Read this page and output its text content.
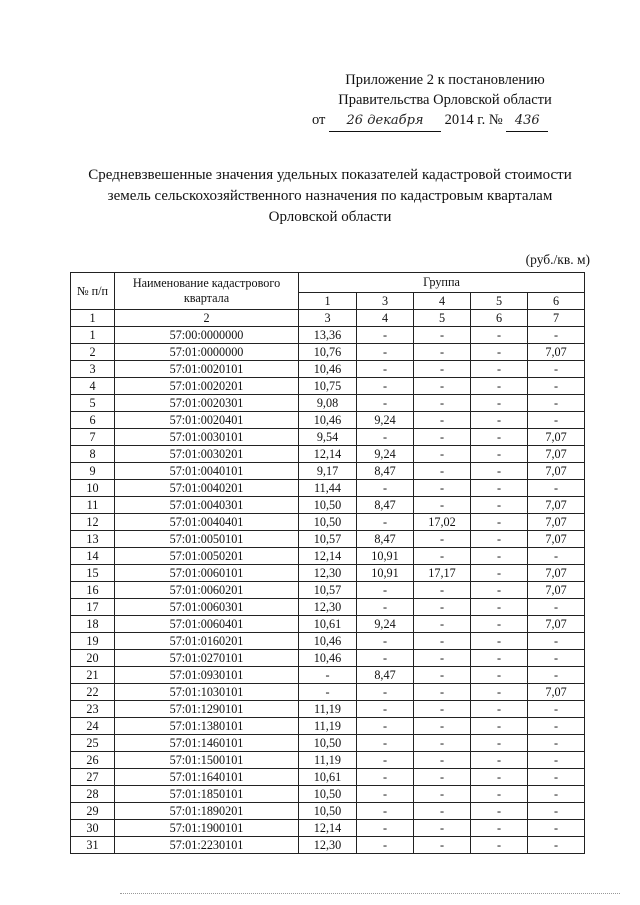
Приложение 2 к постановлению
Правительства Орловской области
от 26 декабря 2014 г. № 436
Средневзвешенные значения удельных показателей кадастровой стоимости
земель сельскохозяйственного назначения по кадастровым кварталам
Орловской области
(руб./кв. м)
№ п/п	Наименование кадастрового квартала	Группа				
		1	3	4	5	6
1	2	3	4	5	6	7
1	57:00:0000000	13,36	-	-	-	-
2	57:01:0000000	10,76	-	-	-	7,07
3	57:01:0020101	10,46	-	-	-	-
4	57:01:0020201	10,75	-	-	-	-
5	57:01:0020301	9,08	-	-	-	-
6	57:01:0020401	10,46	9,24	-	-	-
7	57:01:0030101	9,54	-	-	-	7,07
8	57:01:0030201	12,14	9,24	-	-	7,07
9	57:01:0040101	9,17	8,47	-	-	7,07
10	57:01:0040201	11,44	-	-	-	-
11	57:01:0040301	10,50	8,47	-	-	7,07
12	57:01:0040401	10,50	-	17,02	-	7,07
13	57:01:0050101	10,57	8,47	-	-	7,07
14	57:01:0050201	12,14	10,91	-	-	-
15	57:01:0060101	12,30	10,91	17,17	-	7,07
16	57:01:0060201	10,57	-	-	-	7,07
17	57:01:0060301	12,30	-	-	-	-
18	57:01:0060401	10,61	9,24	-	-	7,07
19	57:01:0160201	10,46	-	-	-	-
20	57:01:0270101	10,46	-	-	-	-
21	57:01:0930101	-	8,47	-	-	-
22	57:01:1030101	-	-	-	-	7,07
23	57:01:1290101	11,19	-	-	-	-
24	57:01:1380101	11,19	-	-	-	-
25	57:01:1460101	10,50	-	-	-	-
26	57:01:1500101	11,19	-	-	-	-
27	57:01:1640101	10,61	-	-	-	-
28	57:01:1850101	10,50	-	-	-	-
29	57:01:1890201	10,50	-	-	-	-
30	57:01:1900101	12,14	-	-	-	-
31	57:01:2230101	12,30	-	-	-	-
